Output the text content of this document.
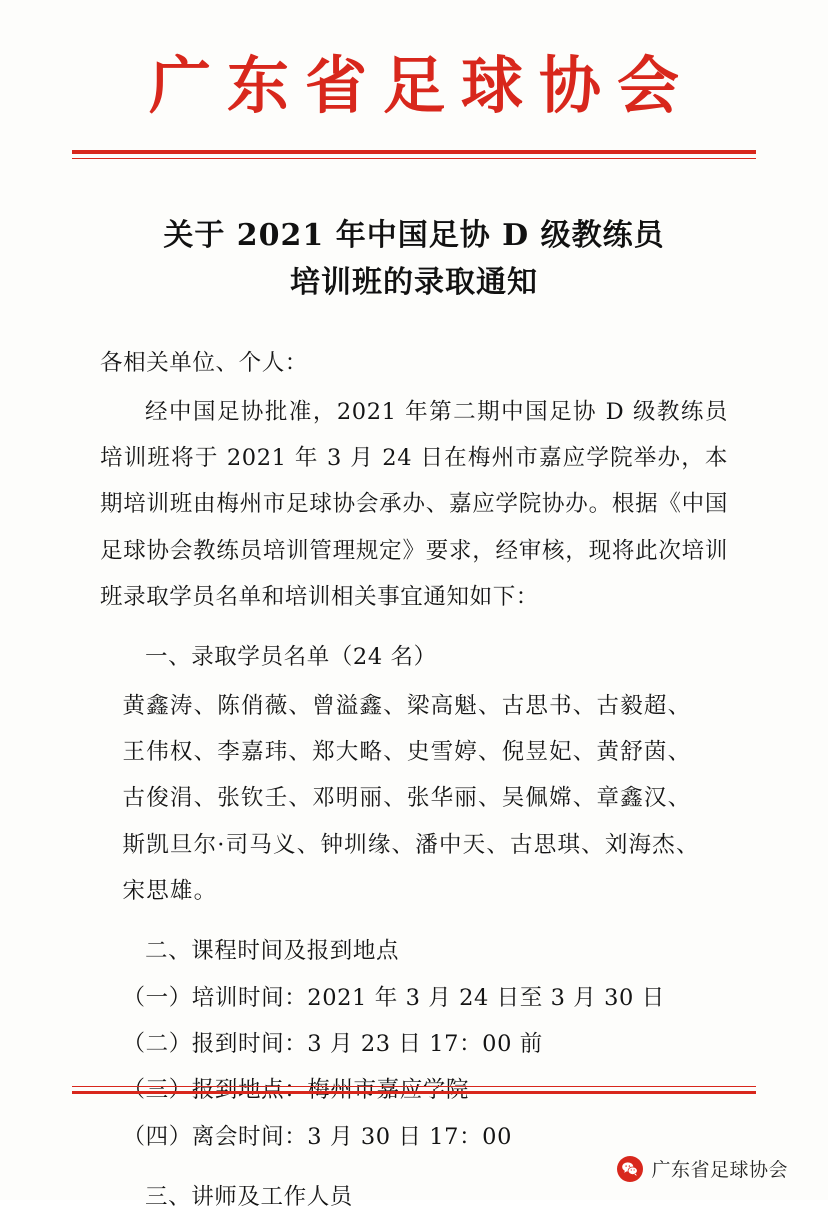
广东省足球协会
关于 2021 年中国足协 D 级教练员
培训班的录取通知
各相关单位、个人：
经中国足协批准，2021 年第二期中国足协 D 级教练员培训班将于 2021 年 3 月 24 日在梅州市嘉应学院举办，本期培训班由梅州市足球协会承办、嘉应学院协办。根据《中国足球协会教练员培训管理规定》要求，经审核，现将此次培训班录取学员名单和培训相关事宜通知如下：
一、录取学员名单（24 名）
黄鑫涛、陈俏薇、曾溢鑫、梁高魁、古思书、古毅超、
王伟权、李嘉玮、郑大略、史雪婷、倪昱妃、黄舒茵、
古俊涓、张钦壬、邓明丽、张华丽、吴佩嫦、章鑫汉、
斯凯旦尔·司马义、钟圳缘、潘中天、古思琪、刘海杰、
宋思雄。
二、课程时间及报到地点
（一）培训时间：2021 年 3 月 24 日至 3 月 30 日
（二）报到时间：3 月 23 日 17：00 前
（四）离会时间：3 月 30 日 17：00
三、讲师及工作人员
广东省足球协会
